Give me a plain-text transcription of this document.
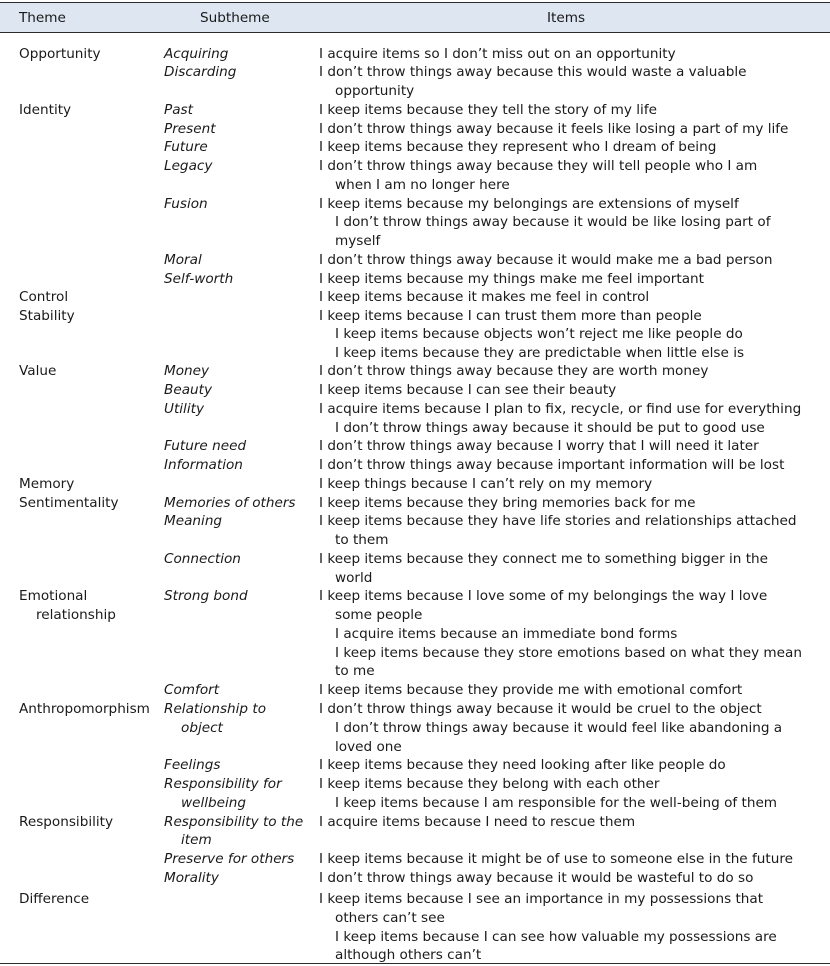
Theme	Subtheme	Items
Opportunity
Identity
Control
Stability
Value
Memory
Sentimentality
Emotional
relationship
Anthropomorphism
Responsibility
Difference
Acquiring
Discarding
Past
Present
Future
Legacy
Fusion
Moral
Self-worth
Money
Beauty
Utility
Future need
Information
Memories of others
Meaning
Connection
Strong bond
Comfort
Relationship to
object
Feelings
Responsibility for
wellbeing
Responsibility to the
item
Preserve for others
Morality
I acquire items so I don’t miss out on an opportunity
I don’t throw things away because this would waste a valuable
opportunity
I keep items because they tell the story of my life
I don’t throw things away because it feels like losing a part of my life
I keep items because they represent who I dream of being
I don’t throw things away because they will tell people who I am
when I am no longer here
I keep items because my belongings are extensions of myself
I don’t throw things away because it would be like losing part of
myself
I don’t throw things away because it would make me a bad person
I keep items because my things make me feel important
I keep items because it makes me feel in control
I keep items because I can trust them more than people
I keep items because objects won’t reject me like people do
I keep items because they are predictable when little else is
I don’t throw things away because they are worth money
I keep items because I can see their beauty
I acquire items because I plan to fix, recycle, or find use for everything
I don’t throw things away because it should be put to good use
I don’t throw things away because I worry that I will need it later
I don’t throw things away because important information will be lost
I keep things because I can’t rely on my memory
I keep items because they bring memories back for me
I keep items because they have life stories and relationships attached
to them
I keep items because they connect me to something bigger in the
world
I keep items because I love some of my belongings the way I love
some people
I acquire items because an immediate bond forms
I keep items because they store emotions based on what they mean
to me
I keep items because they provide me with emotional comfort
I don’t throw things away because it would be cruel to the object
I don’t throw things away because it would feel like abandoning a
loved one
I keep items because they need looking after like people do
I keep items because they belong with each other
I keep items because I am responsible for the well-being of them
I acquire items because I need to rescue them
I keep items because it might be of use to someone else in the future
I don’t throw things away because it would be wasteful to do so
I keep items because I see an importance in my possessions that
others can’t see
I keep items because I can see how valuable my possessions are
although others can’t
